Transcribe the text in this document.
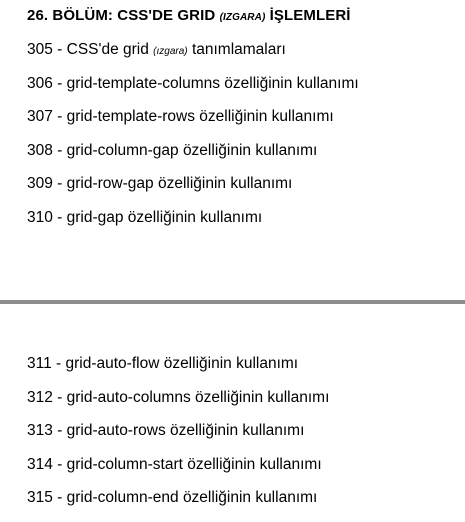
26. BÖLÜM: CSS'DE GRID (IZGARA) İŞLEMLERİ
305 - CSS'de grid (ızgara) tanımlamaları
306 - grid-template-columns özelliğinin kullanımı
307 - grid-template-rows özelliğinin kullanımı
308 - grid-column-gap özelliğinin kullanımı
309 - grid-row-gap özelliğinin kullanımı
310 - grid-gap özelliğinin kullanımı
311 - grid-auto-flow özelliğinin kullanımı
312 - grid-auto-columns özelliğinin kullanımı
313 - grid-auto-rows özelliğinin kullanımı
314 - grid-column-start özelliğinin kullanımı
315 - grid-column-end özelliğinin kullanımı
